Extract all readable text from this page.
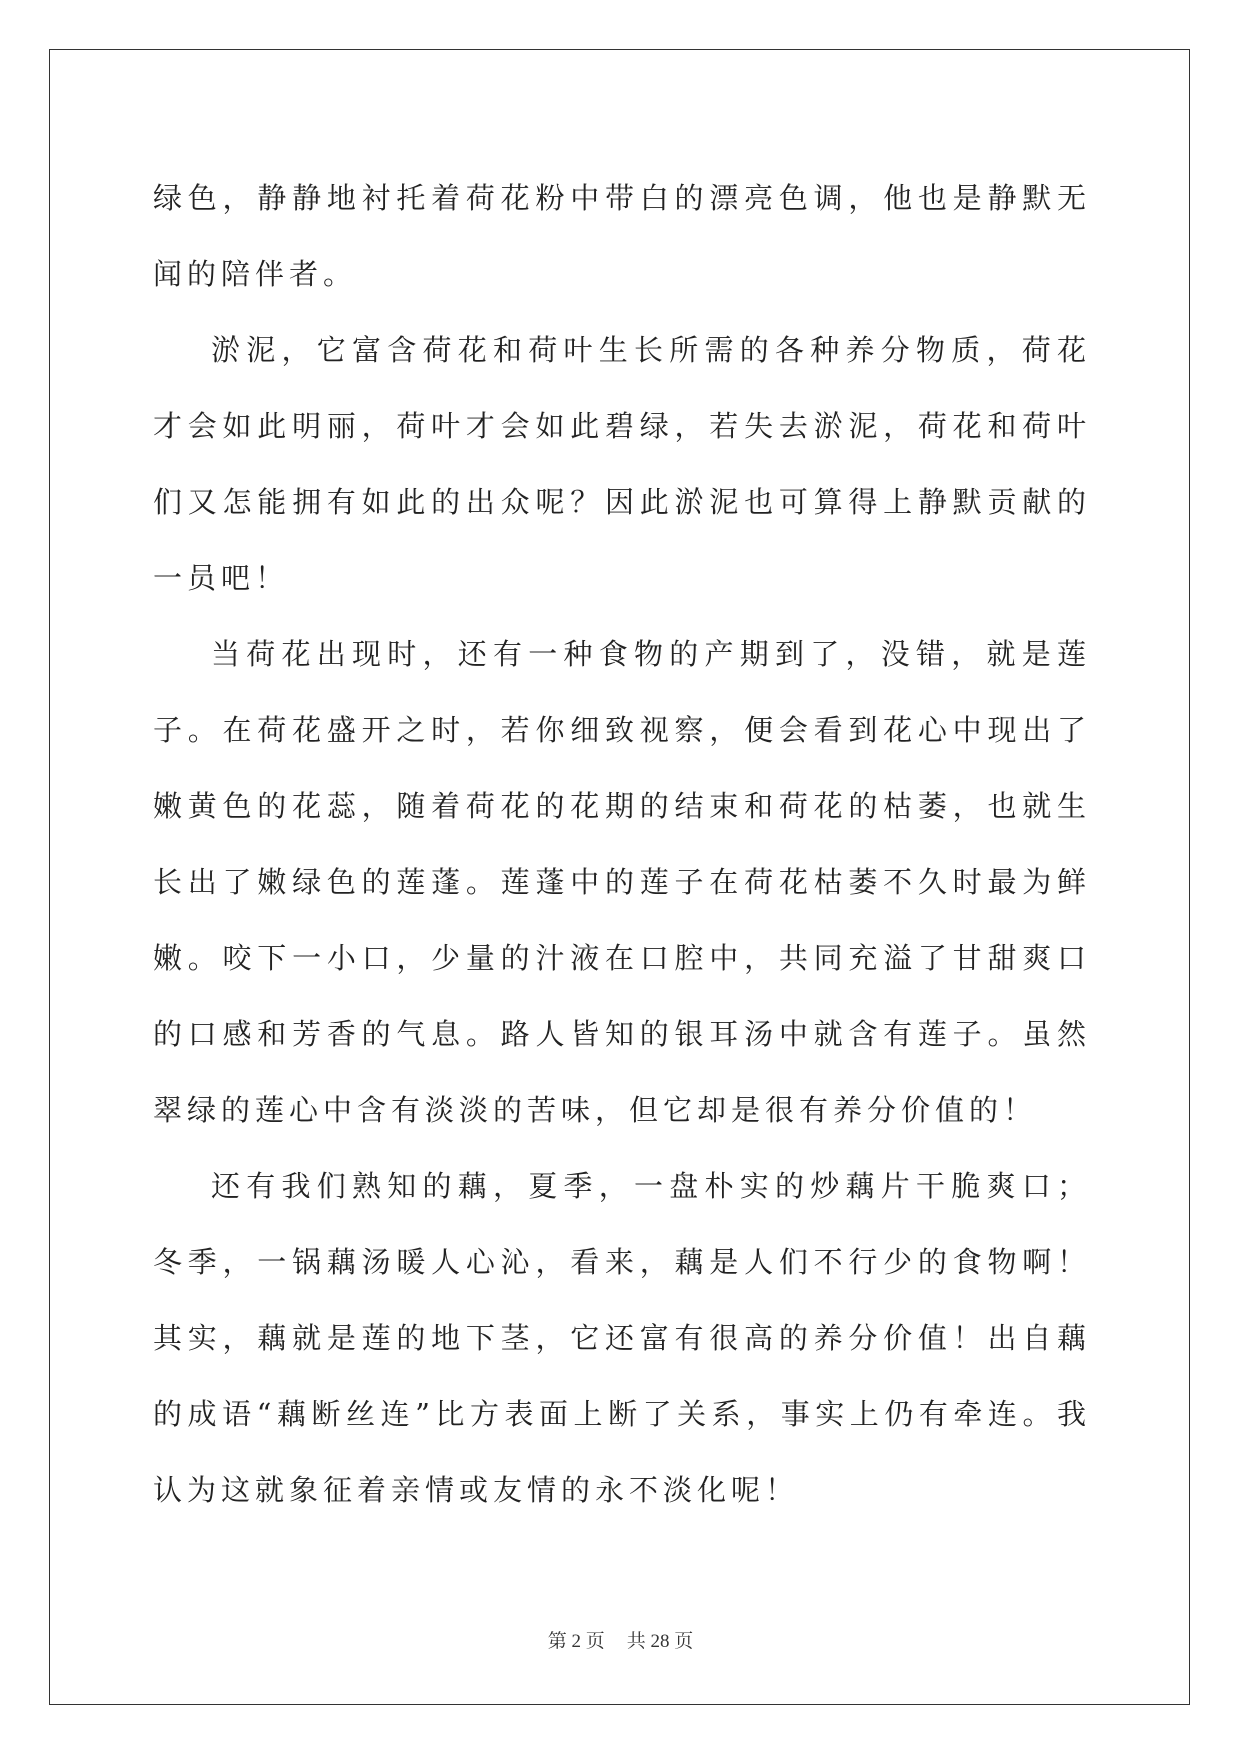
绿色，静静地衬托着荷花粉中带白的漂亮色调，他也是静默无闻的陪伴者。

淤泥，它富含荷花和荷叶生长所需的各种养分物质，荷花才会如此明丽，荷叶才会如此碧绿，若失去淤泥，荷花和荷叶们又怎能拥有如此的出众呢？因此淤泥也可算得上静默贡献的一员吧！

当荷花出现时，还有一种食物的产期到了，没错，就是莲子。在荷花盛开之时，若你细致视察，便会看到花心中现出了嫩黄色的花蕊，随着荷花的花期的结束和荷花的枯萎，也就生长出了嫩绿色的莲蓬。莲蓬中的莲子在荷花枯萎不久时最为鲜嫩。咬下一小口，少量的汁液在口腔中，共同充溢了甘甜爽口的口感和芳香的气息。路人皆知的银耳汤中就含有莲子。虽然翠绿的莲心中含有淡淡的苦味，但它却是很有养分价值的！

还有我们熟知的藕，夏季，一盘朴实的炒藕片干脆爽口；冬季，一锅藕汤暖人心沁，看来，藕是人们不行少的食物啊！其实，藕就是莲的地下茎，它还富有很高的养分价值！出自藕的成语“藕断丝连”比方表面上断了关系，事实上仍有牵连。我认为这就象征着亲情或友情的永不淡化呢！

第 2 页 共 28 页
